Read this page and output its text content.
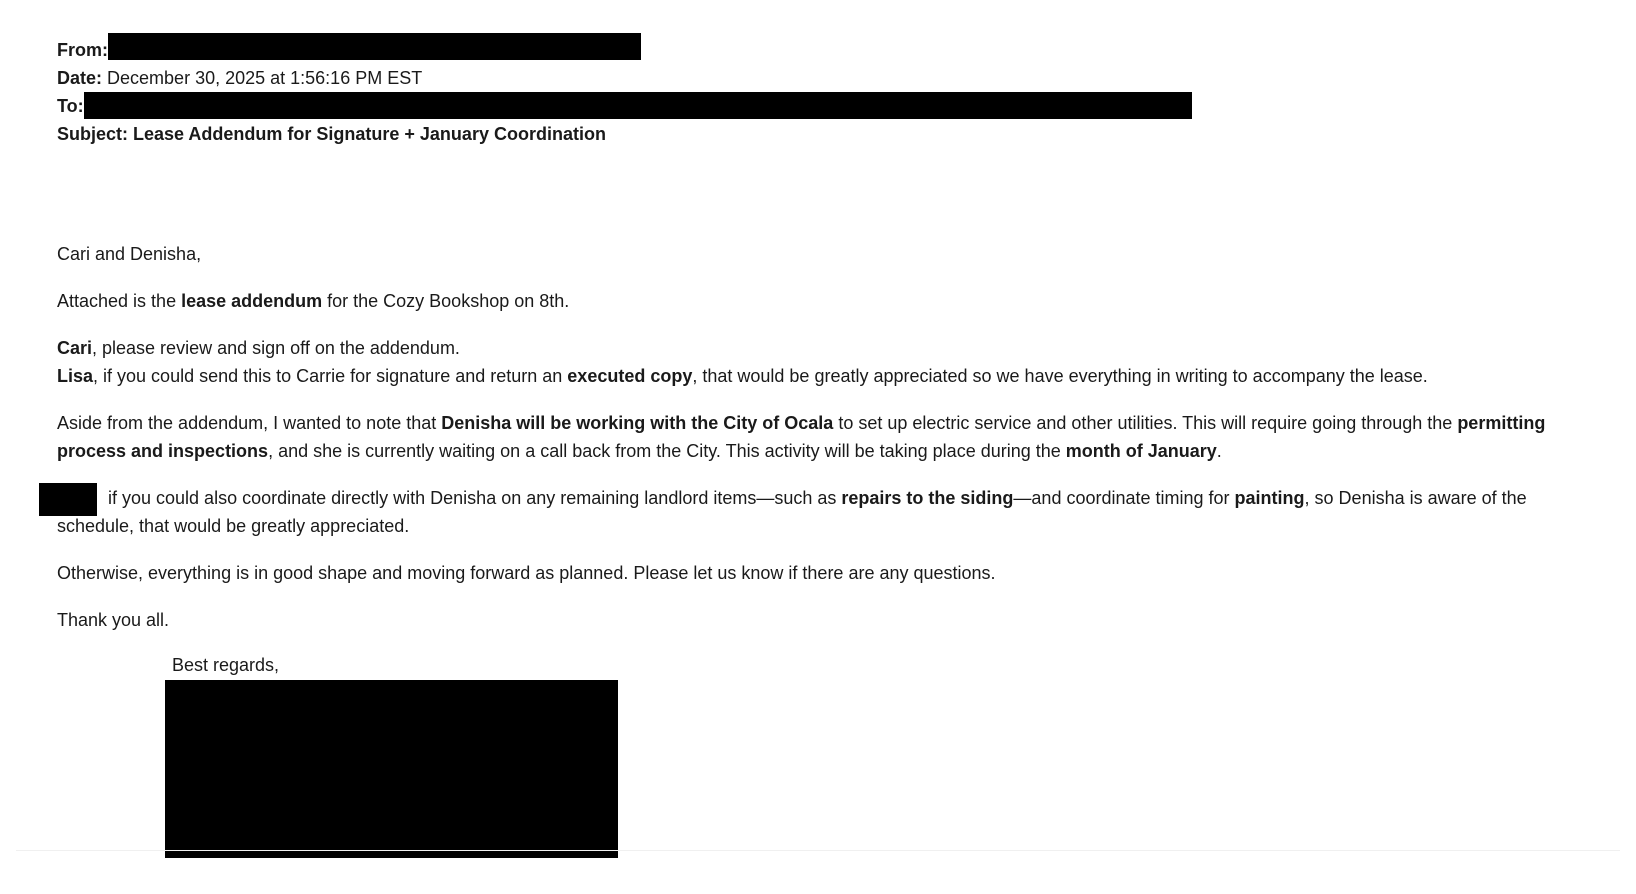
From:
Date: December 30, 2025 at 1:56:16 PM EST
To:
Subject: Lease Addendum for Signature + January Coordination

Cari and Denisha,

Attached is the lease addendum for the Cozy Bookshop on 8th.

Cari, please review and sign off on the addendum.

Lisa, if you could send this to Carrie for signature and return an executed copy, that would be greatly appreciated so we have everything in writing to accompany the lease.

Aside from the addendum, I wanted to note that Denisha will be working with the City of Ocala to set up electric service and other utilities. This will require going through the permitting process and inspections, and she is currently waiting on a call back from the City. This activity will be taking place during the month of January.

if you could also coordinate directly with Denisha on any remaining landlord items—such as repairs to the siding—and coordinate timing for painting, so Denisha is aware of the schedule, that would be greatly appreciated.

Otherwise, everything is in good shape and moving forward as planned. Please let us know if there are any questions.

Thank you all.

Best regards,
